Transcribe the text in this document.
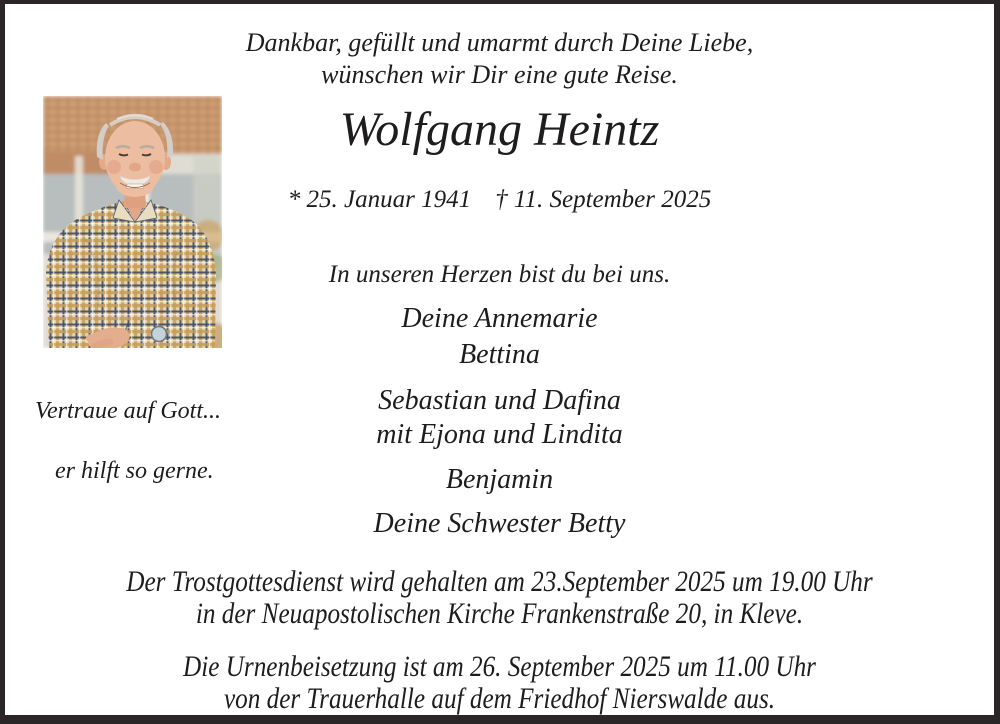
Dankbar, gefüllt und umarmt durch Deine Liebe,
wünschen wir Dir eine gute Reise.
Wolfgang Heintz
* 25. Januar 1941 † 11. September 2025
In unseren Herzen bist du bei uns.
Deine Annemarie
Bettina
Sebastian und Dafina
mit Ejona und Lindita
Benjamin
Deine Schwester Betty
Vertraue auf Gott...
er hilft so gerne.
Der Trostgottesdienst wird gehalten am 23.September 2025 um 19.00 Uhr
in der Neuapostolischen Kirche Frankenstraße 20, in Kleve.
Die Urnenbeisetzung ist am 26. September 2025 um 11.00 Uhr
von der Trauerhalle auf dem Friedhof Nierswalde aus.
